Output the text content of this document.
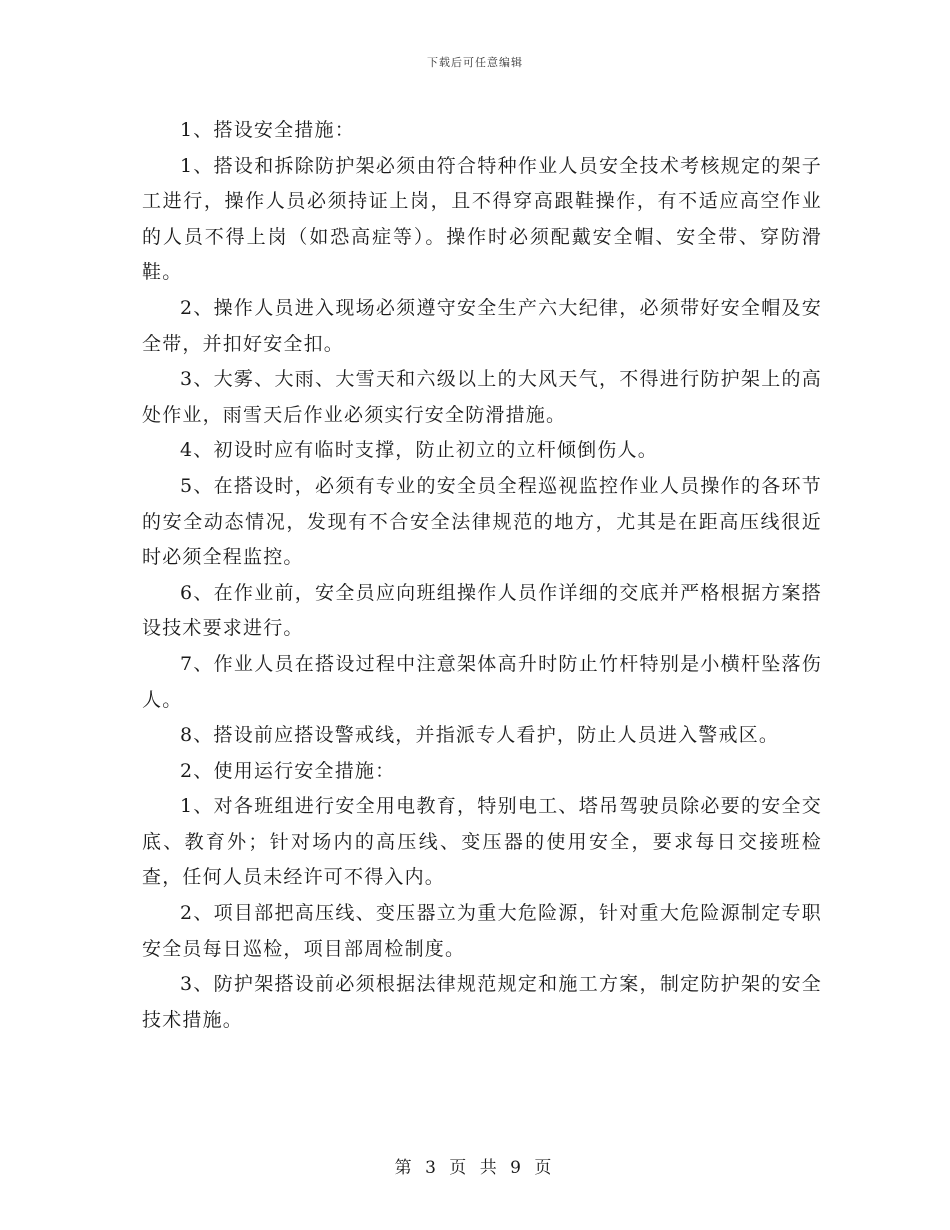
下载后可任意编辑

1、搭设安全措施：

1、搭设和拆除防护架必须由符合特种作业人员安全技术考核规定的架子工进行，操作人员必须持证上岗，且不得穿高跟鞋操作，有不适应高空作业的人员不得上岗（如恐高症等）。操作时必须配戴安全帽、安全带、穿防滑鞋。

2、操作人员进入现场必须遵守安全生产六大纪律，必须带好安全帽及安全带，并扣好安全扣。

3、大雾、大雨、大雪天和六级以上的大风天气，不得进行防护架上的高处作业，雨雪天后作业必须实行安全防滑措施。

4、初设时应有临时支撑，防止初立的立杆倾倒伤人。

5、在搭设时，必须有专业的安全员全程巡视监控作业人员操作的各环节的安全动态情况，发现有不合安全法律规范的地方，尤其是在距高压线很近时必须全程监控。

6、在作业前，安全员应向班组操作人员作详细的交底并严格根据方案搭设技术要求进行。

7、作业人员在搭设过程中注意架体高升时防止竹杆特别是小横杆坠落伤人。

8、搭设前应搭设警戒线，并指派专人看护，防止人员进入警戒区。

2、使用运行安全措施：

1、对各班组进行安全用电教育，特别电工、塔吊驾驶员除必要的安全交底、教育外；针对场内的高压线、变压器的使用安全，要求每日交接班检查，任何人员未经许可不得入内。

2、项目部把高压线、变压器立为重大危险源，针对重大危险源制定专职安全员每日巡检，项目部周检制度。

3、防护架搭设前必须根据法律规范规定和施工方案，制定防护架的安全技术措施。

第 3 页 共 9 页
